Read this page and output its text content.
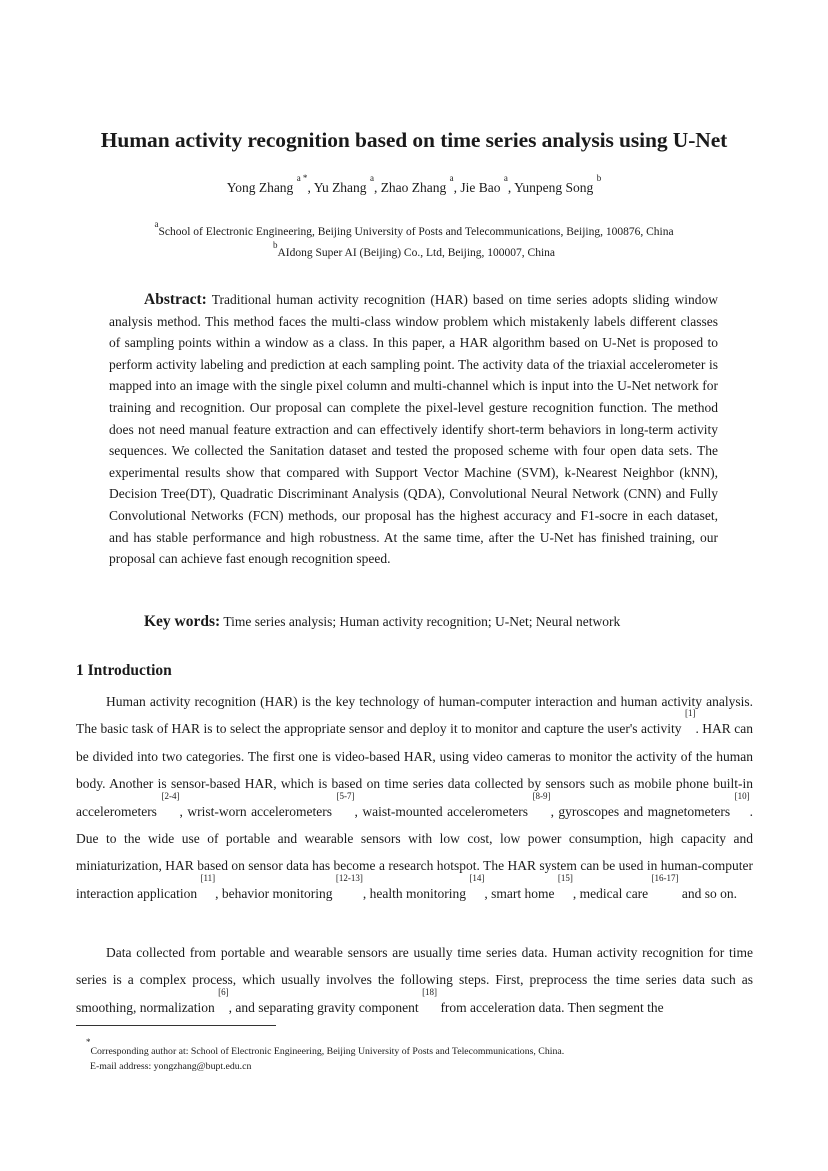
Human activity recognition based on time series analysis using U-Net
Yong Zhang $^{a *}$, Yu Zhang $^a$, Zhao Zhang $^a$, Jie Bao $^a$, Yunpeng Song $^b$
$^a$School of Electronic Engineering, Beijing University of Posts and Telecommunications, Beijing, 100876, China
$^b$AIdong Super AI (Beijing) Co., Ltd, Beijing, 100007, China
Abstract: Traditional human activity recognition (HAR) based on time series adopts sliding window analysis method. This method faces the multi-class window problem which mistakenly labels different classes of sampling points within a window as a class. In this paper, a HAR algorithm based on U-Net is proposed to perform activity labeling and prediction at each sampling point. The activity data of the triaxial accelerometer is mapped into an image with the single pixel column and multi-channel which is input into the U-Net network for training and recognition. Our proposal can complete the pixel-level gesture recognition function. The method does not need manual feature extraction and can effectively identify short-term behaviors in long-term activity sequences. We collected the Sanitation dataset and tested the proposed scheme with four open data sets. The experimental results show that compared with Support Vector Machine (SVM), k-Nearest Neighbor (kNN), Decision Tree(DT), Quadratic Discriminant Analysis (QDA), Convolutional Neural Network (CNN) and Fully Convolutional Networks (FCN) methods, our proposal has the highest accuracy and F1-socre in each dataset, and has stable performance and high robustness. At the same time, after the U-Net has finished training, our proposal can achieve fast enough recognition speed.
Key words: Time series analysis; Human activity recognition; U-Net; Neural network
1 Introduction
Human activity recognition (HAR) is the key technology of human-computer interaction and human activity analysis. The basic task of HAR is to select the appropriate sensor and deploy it to monitor and capture the user's activity [1]. HAR can be divided into two categories. The first one is video-based HAR, using video cameras to monitor the activity of the human body. Another is sensor-based HAR, which is based on time series data collected by sensors such as mobile phone built-in accelerometers [2-4], wrist-worn accelerometers [5-7], waist-mounted accelerometers [8-9], gyroscopes and magnetometers [10]. Due to the wide use of portable and wearable sensors with low cost, low power consumption, high capacity and miniaturization, HAR based on sensor data has become a research hotspot. The HAR system can be used in human-computer interaction application [11], behavior monitoring [12-13], health monitoring [14], smart home [15], medical care [16-17] and so on.
Data collected from portable and wearable sensors are usually time series data. Human activity recognition for time series is a complex process, which usually involves the following steps. First, preprocess the time series data such as smoothing, normalization [6], and separating gravity component [18] from acceleration data. Then segment the
*Corresponding author at: School of Electronic Engineering, Beijing University of Posts and Telecommunications, China.
E-mail address: yongzhang@bupt.edu.cn
